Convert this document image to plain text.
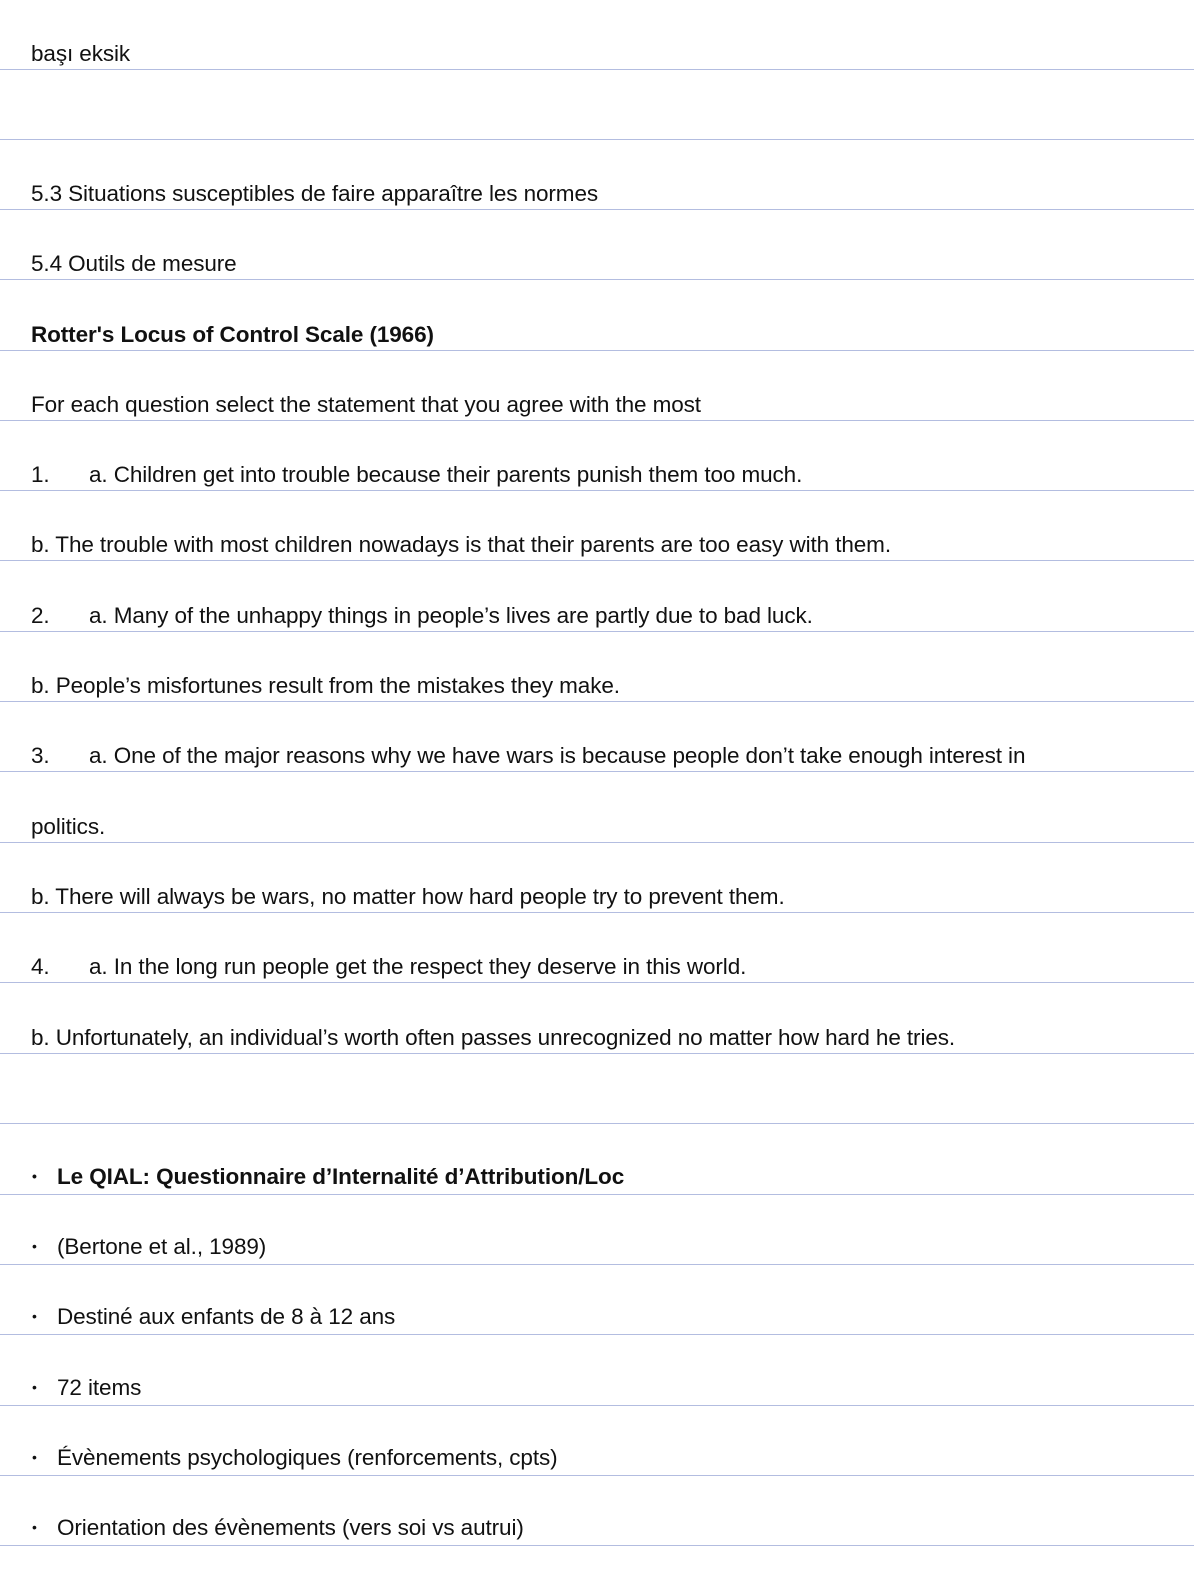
başı eksik
5.3 Situations susceptibles de faire apparaître les normes
5.4 Outils de mesure
Rotter's Locus of Control Scale (1966)
For each question select the statement that you agree with the most
1. a. Children get into trouble because their parents punish them too much.
b. The trouble with most children nowadays is that their parents are too easy with them.
2. a. Many of the unhappy things in people’s lives are partly due to bad luck.
b. People’s misfortunes result from the mistakes they make.
3. a. One of the major reasons why we have wars is because people don’t take enough interest in
politics.
b. There will always be wars, no matter how hard people try to prevent them.
4. a. In the long run people get the respect they deserve in this world.
b. Unfortunately, an individual’s worth often passes unrecognized no matter how hard he tries.
• Le QIAL: Questionnaire d’Internalité d’Attribution/Loc
• (Bertone et al., 1989)
• Destiné aux enfants de 8 à 12 ans
• 72 items
• Évènements psychologiques (renforcements, cpts)
• Orientation des évènements (vers soi vs autrui)
